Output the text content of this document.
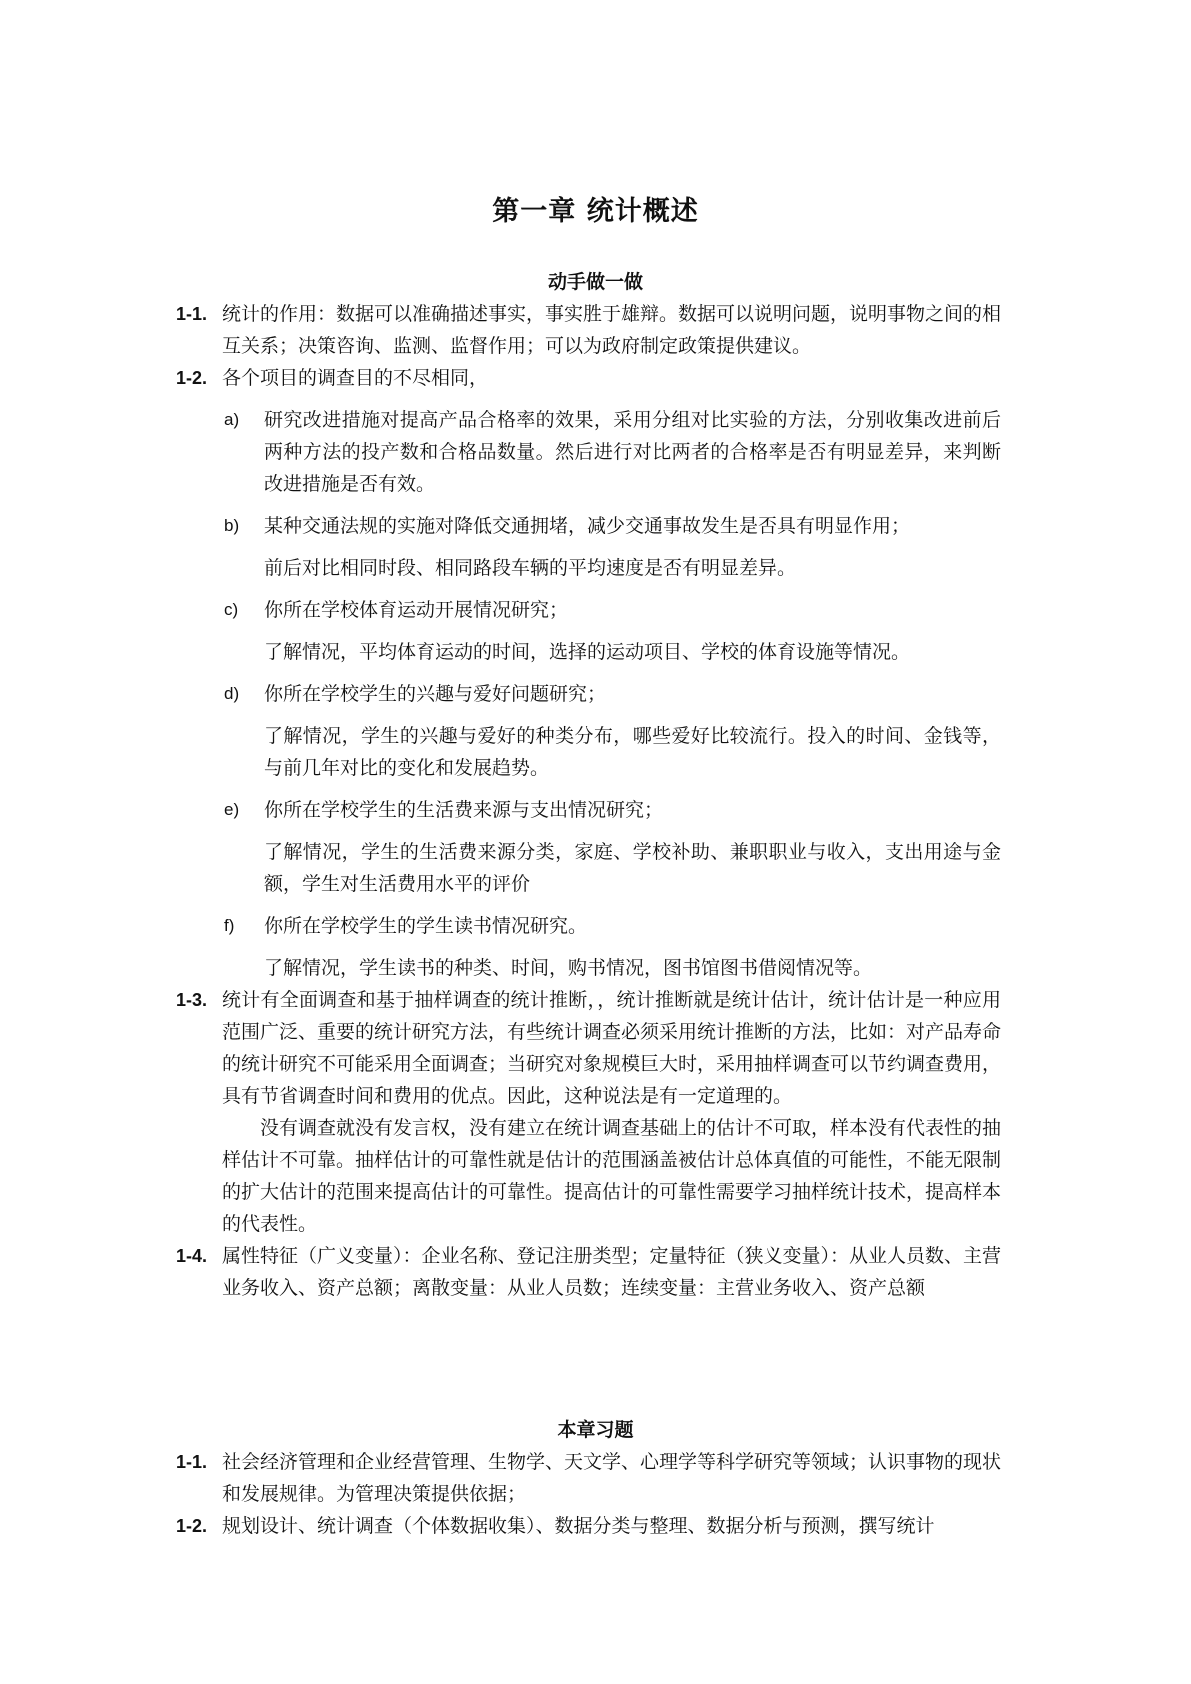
第一章 统计概述
动手做一做
1-1. 统计的作用：数据可以准确描述事实，事实胜于雄辩。数据可以说明问题，说明事物之间的相互关系；决策咨询、监测、监督作用；可以为政府制定政策提供建议。

1-2. 各个项目的调查目的不尽相同，

a) 研究改进措施对提高产品合格率的效果，采用分组对比实验的方法，分别收集改进前后两种方法的投产数和合格品数量。然后进行对比两者的合格率是否有明显差异，来判断改进措施是否有效。

b) 某种交通法规的实施对降低交通拥堵，减少交通事故发生是否具有明显作用；

前后对比相同时段、相同路段车辆的平均速度是否有明显差异。

c) 你所在学校体育运动开展情况研究；

了解情况，平均体育运动的时间，选择的运动项目、学校的体育设施等情况。

d) 你所在学校学生的兴趣与爱好问题研究；

了解情况，学生的兴趣与爱好的种类分布，哪些爱好比较流行。投入的时间、金钱等，与前几年对比的变化和发展趋势。

e) 你所在学校学生的生活费来源与支出情况研究；

了解情况，学生的生活费来源分类，家庭、学校补助、兼职职业与收入，支出用途与金额，学生对生活费用水平的评价

f) 你所在学校学生的学生读书情况研究。

了解情况，学生读书的种类、时间，购书情况，图书馆图书借阅情况等。

1-3. 统计有全面调查和基于抽样调查的统计推断，，统计推断就是统计估计，统计估计是一种应用范围广泛、重要的统计研究方法，有些统计调查必须采用统计推断的方法，比如：对产品寿命的统计研究不可能采用全面调查；当研究对象规模巨大时，采用抽样调查可以节约调查费用，具有节省调查时间和费用的优点。因此，这种说法是有一定道理的。

没有调查就没有发言权，没有建立在统计调查基础上的估计不可取，样本没有代表性的抽样估计不可靠。抽样估计的可靠性就是估计的范围涵盖被估计总体真值的可能性，不能无限制的扩大估计的范围来提高估计的可靠性。提高估计的可靠性需要学习抽样统计技术，提高样本的代表性。

1-4. 属性特征（广义变量）：企业名称、登记注册类型；定量特征（狭义变量）：从业人员数、主营业务收入、资产总额；离散变量：从业人员数；连续变量：主营业务收入、资产总额

本章习题
1-1. 社会经济管理和企业经营管理、生物学、天文学、心理学等科学研究等领域；认识事物的现状和发展规律。为管理决策提供依据；

1-2. 规划设计、统计调查（个体数据收集）、数据分类与整理、数据分析与预测，撰写统计
